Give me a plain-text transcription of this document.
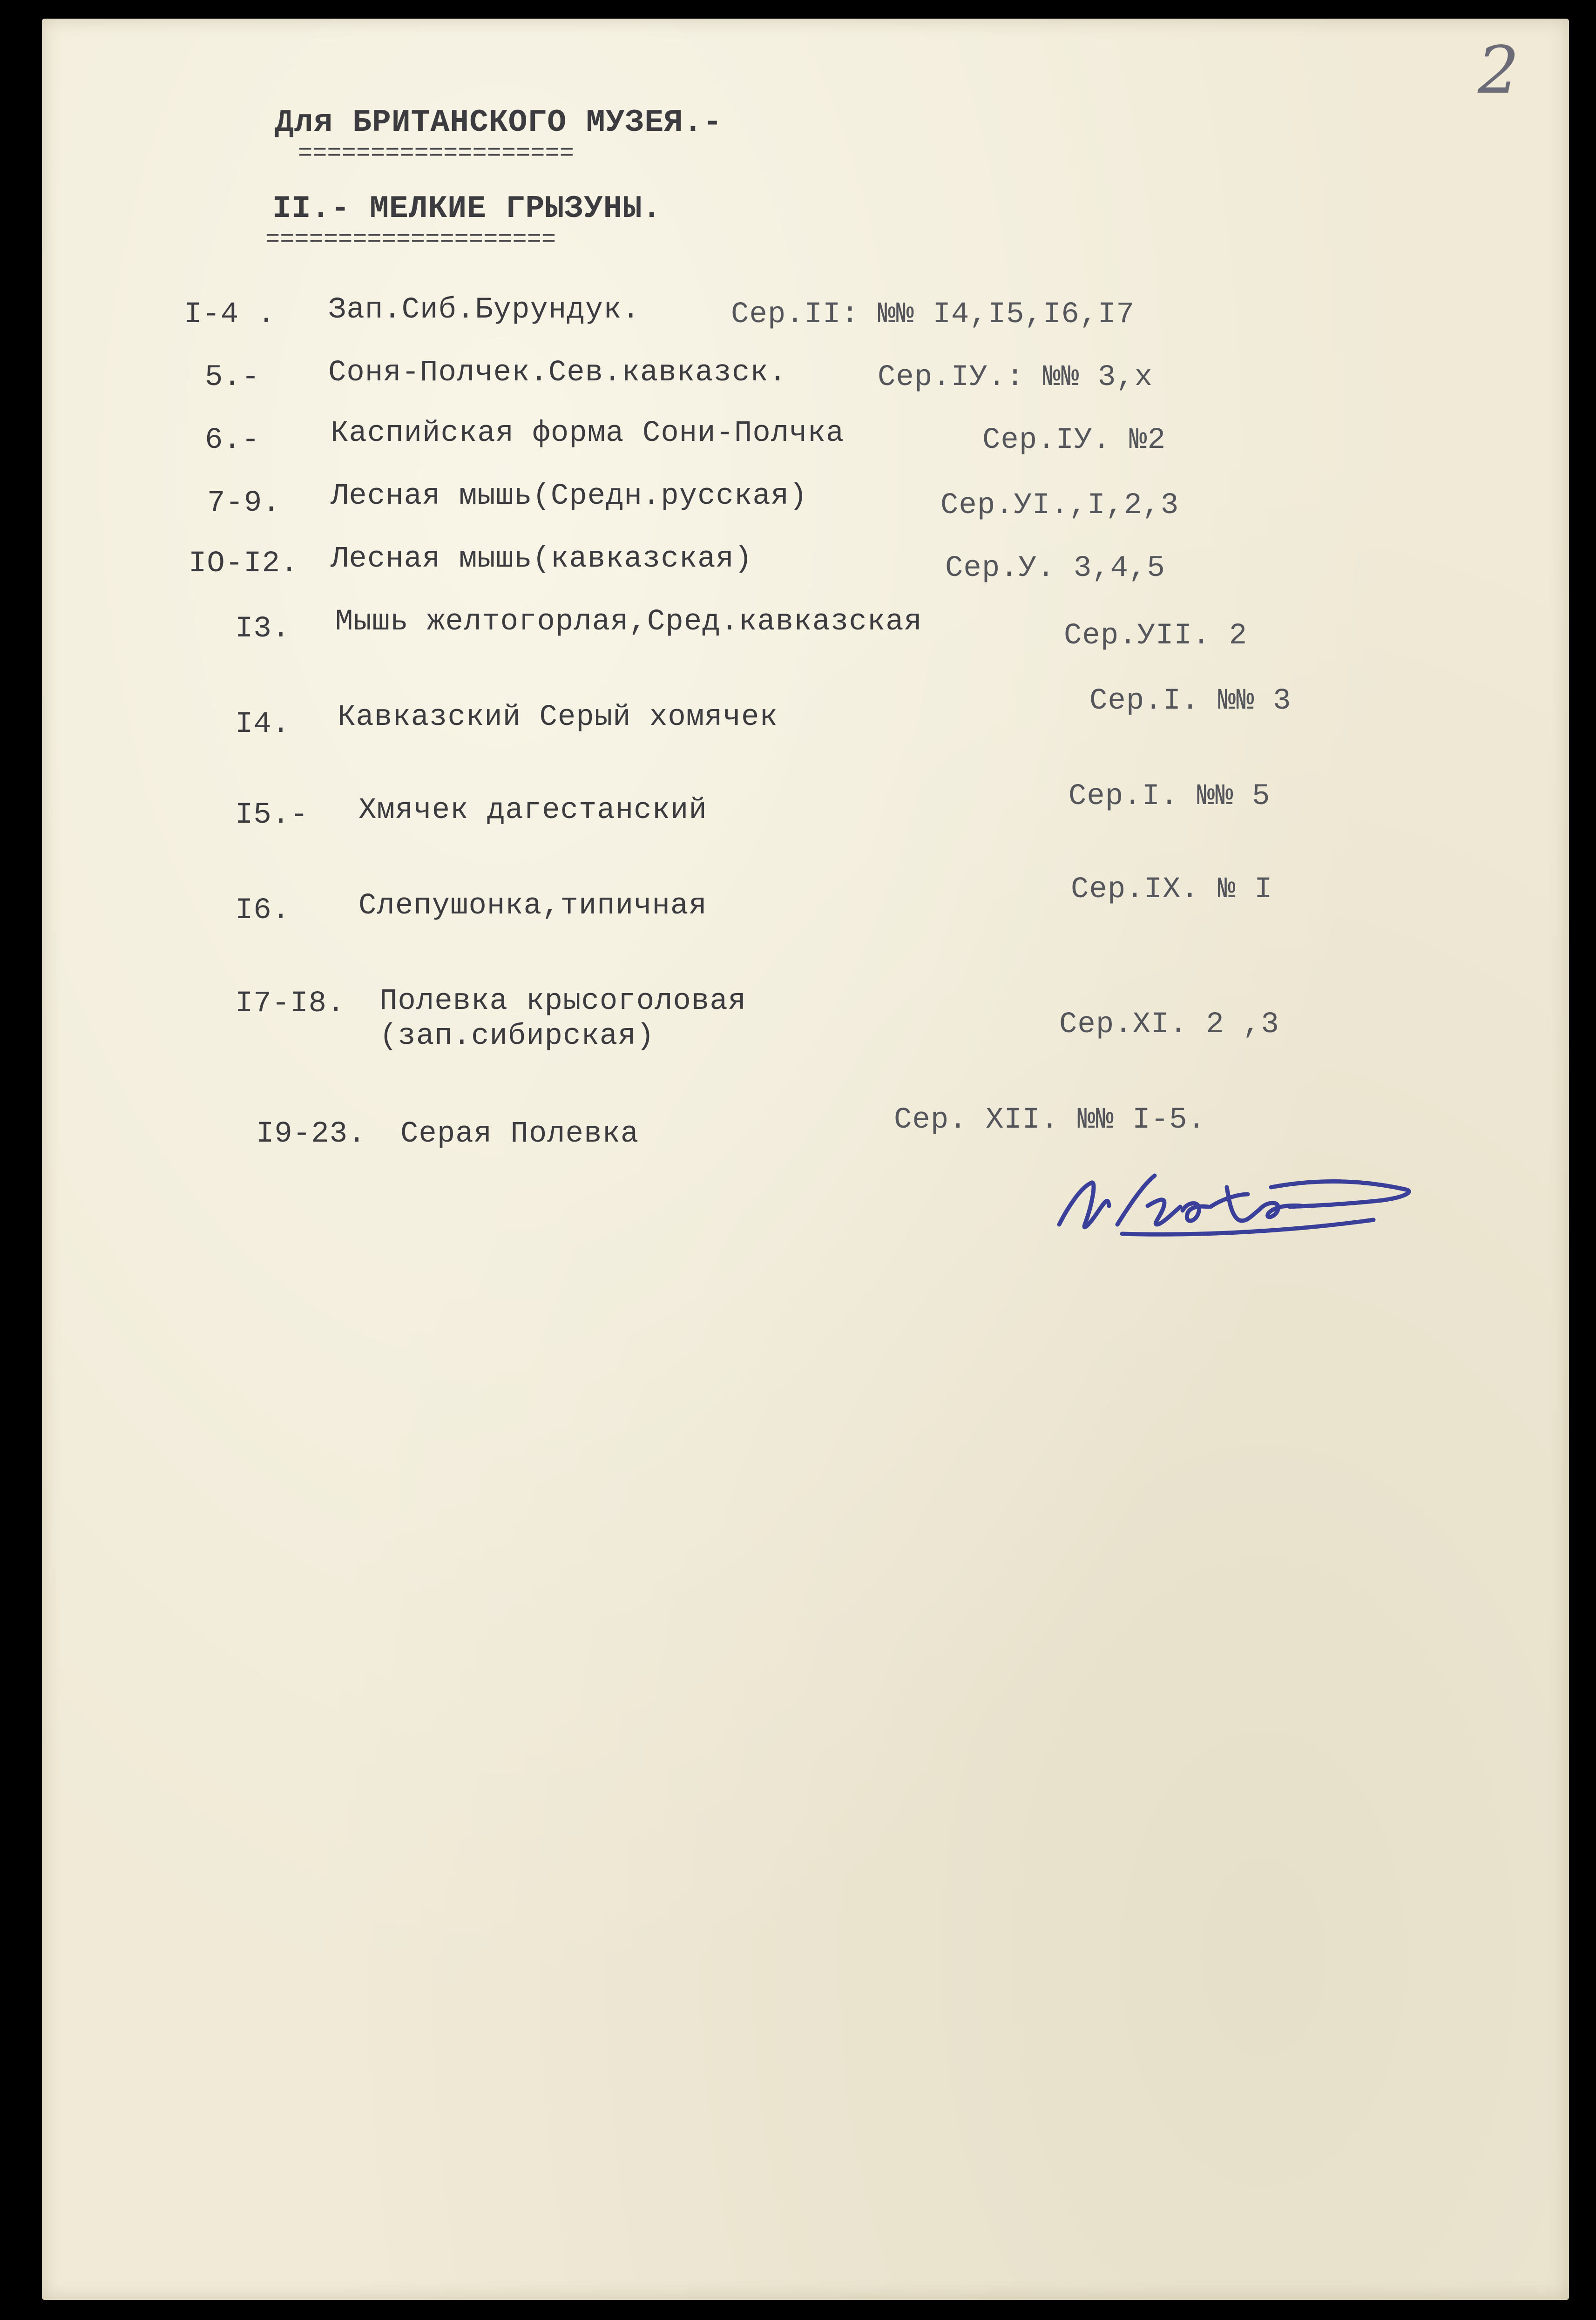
2
Для БРИТАНСКОГО МУЗЕЯ.-
===================
II.- МЕЛКИЕ ГРЫЗУНЫ.
====================
I-4 . Зап.Сиб.Бурундук.	Сер.II: №№ I4,I5,I6,I7
5.- Соня-Полчек.Сев.кавказск.	Сер.IУ.: №№ 3,x
6.- Каспийская форма Сони-Полчка	Сер.IУ. №2
7-9. Лесная мышь(Средн.русская)	Сер.УI.,I,2,3
IO-I2. Лесная мышь(кавказская)	Сер.У. 3,4,5
I3. Мышь желтогорлая,Сред.кавказская	Сер.УII. 2
I4. Кавказский Серый хомячек	Сер.I. №№ 3
I5.- Хмячек дагестанский	Сер.I. №№ 5
I6. Слепушонка,типичная	Сер.IX. № I
I7-I8. Полевка крысоголовая
(зап.сибирская)	Сер.XI. 2 ,3
I9-23. Серая Полевка	Сер. XII. №№ I-5.
